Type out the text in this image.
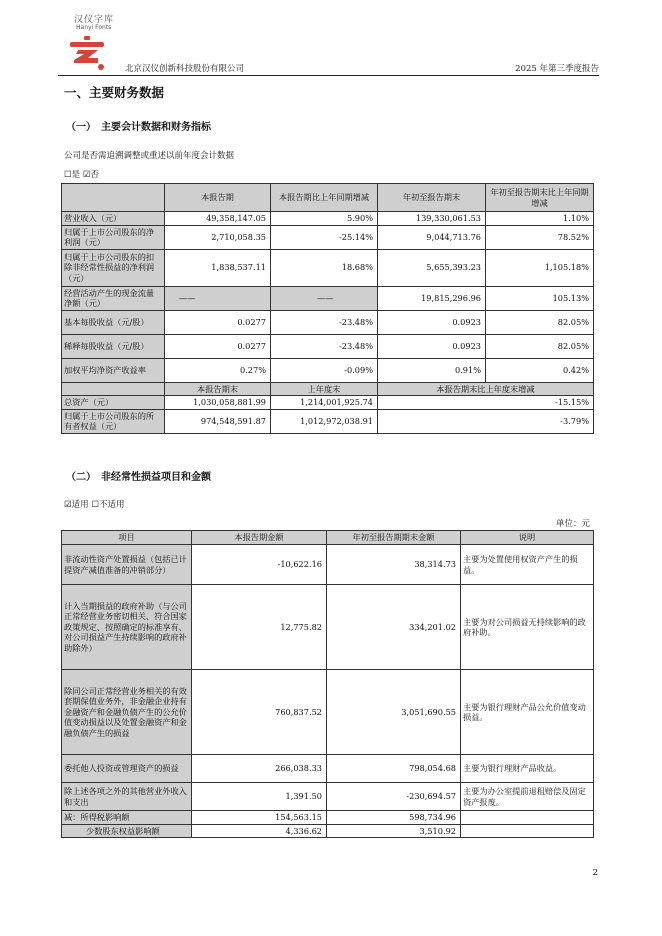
汉仪字库
Hanyi Fonts
北京汉仪创新科技股份有限公司	2025 年第三季度报告
一、主要财务数据
（一）　主要会计数据和财务指标
公司是否需追溯调整或重述以前年度会计数据
☐是 ☑否
	本报告期	本报告期比上年同期增减	年初至报告期末	年初至报告期末比上年同期增减
营业收入（元）	49,358,147.05	5.90%	139,330,061.53	1.10%
归属于上市公司股东的净利润（元）	2,710,058.35	-25.14%	9,044,713.76	78.52%
归属于上市公司股东的扣除非经常性损益的净利润（元）	1,838,537.11	18.68%	5,655,393.23	1,105.18%
经营活动产生的现金流量净额（元）	——	——	19,815,296.96	105.13%
基本每股收益（元/股）	0.0277	-23.48%	0.0923	82.05%
稀释每股收益（元/股）	0.0277	-23.48%	0.0923	82.05%
加权平均净资产收益率	0.27%	-0.09%	0.91%	0.42%
	本报告期末	上年度末	本报告期末比上年度末增减	
总资产（元）	1,030,058,881.99	1,214,001,925.74	-15.15%	
归属于上市公司股东的所有者权益（元）	974,548,591.87	1,012,972,038.91	-3.79%	
（二）　非经常性损益项目和金额
☑适用 ☐不适用
单位：元
项目	本报告期金额	年初至报告期期末金额	说明
非流动性资产处置损益（包括已计提资产减值准备的冲销部分）	-10,622.16	38,314.73	主要为处置使用权资产产生的损益。
计入当期损益的政府补助（与公司正常经营业务密切相关、符合国家政策规定、按照确定的标准享有、对公司损益产生持续影响的政府补助除外）	12,775.82	334,201.02	主要为对公司损益无持续影响的政府补助。
除同公司正常经营业务相关的有效套期保值业务外，非金融企业持有金融资产和金融负债产生的公允价值变动损益以及处置金融资产和金融负债产生的损益	760,837.52	3,051,690.55	主要为银行理财产品公允价值变动损益。
委托他人投资或管理资产的损益	266,038.33	798,054.68	主要为银行理财产品收益。
除上述各项之外的其他营业外收入和支出	1,391.50	-230,694.57	主要为办公室提前退租赔偿及固定资产报废。
减：所得税影响额	154,563.15	598,734.96	
少数股东权益影响额	4,336.62	3,510.92	
2
